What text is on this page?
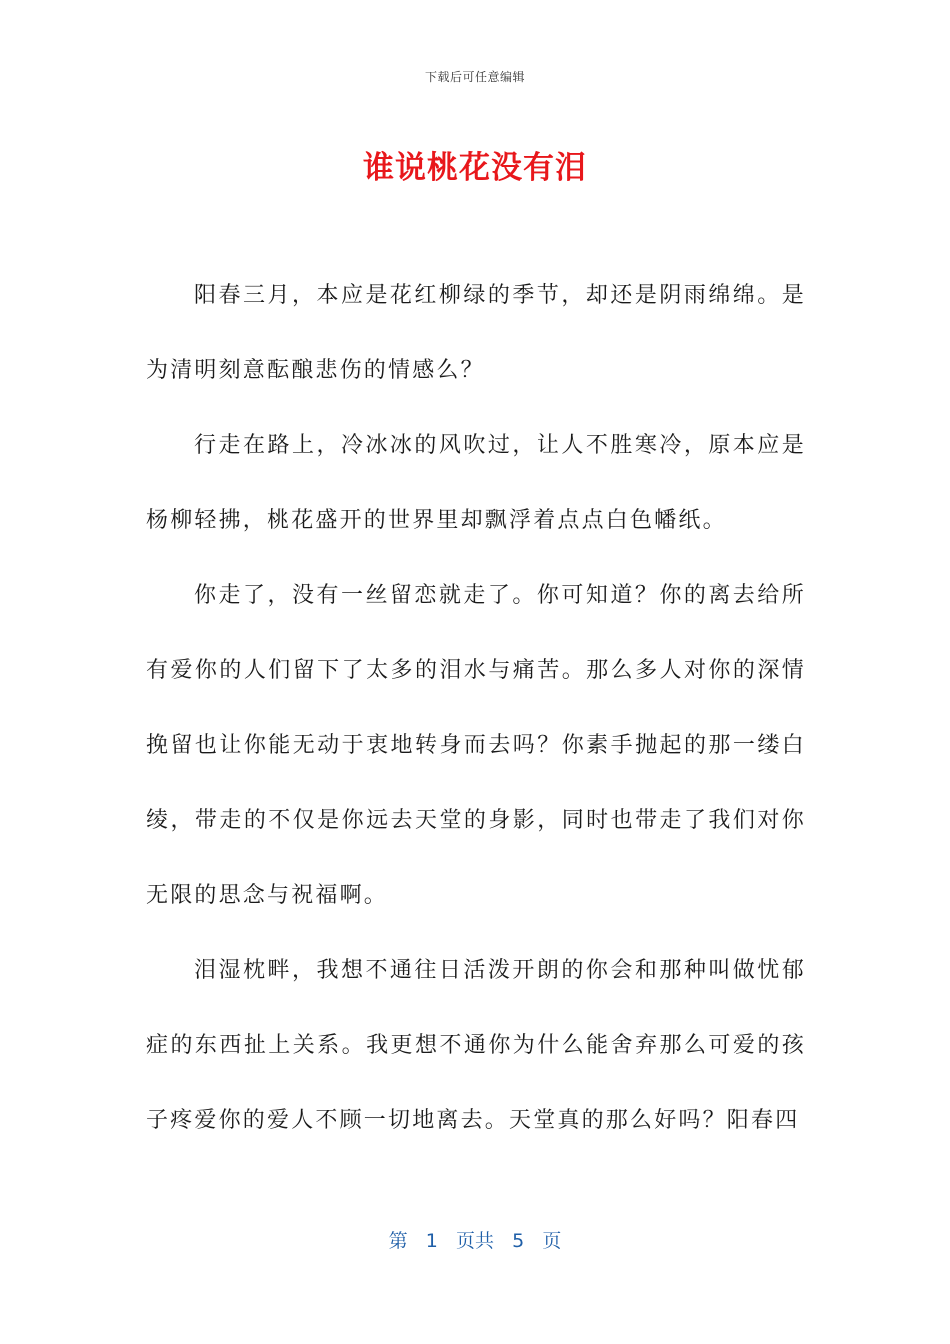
下载后可任意编辑
谁说桃花没有泪

阳春三月，本应是花红柳绿的季节，却还是阴雨绵绵。是为清明刻意酝酿悲伤的情感么？

行走在路上，冷冰冰的风吹过，让人不胜寒冷，原本应是杨柳轻拂，桃花盛开的世界里却飘浮着点点白色幡纸。

你走了，没有一丝留恋就走了。你可知道？你的离去给所有爱你的人们留下了太多的泪水与痛苦。那么多人对你的深情挽留也让你能无动于衷地转身而去吗？你素手抛起的那一缕白绫，带走的不仅是你远去天堂的身影，同时也带走了我们对你无限的思念与祝福啊。

泪湿枕畔，我想不通往日活泼开朗的你会和那种叫做忧郁症的东西扯上关系。我更想不通你为什么能舍弃那么可爱的孩子疼爱你的爱人不顾一切地离去。天堂真的那么好吗？阳春四

第 1 页共 5 页
